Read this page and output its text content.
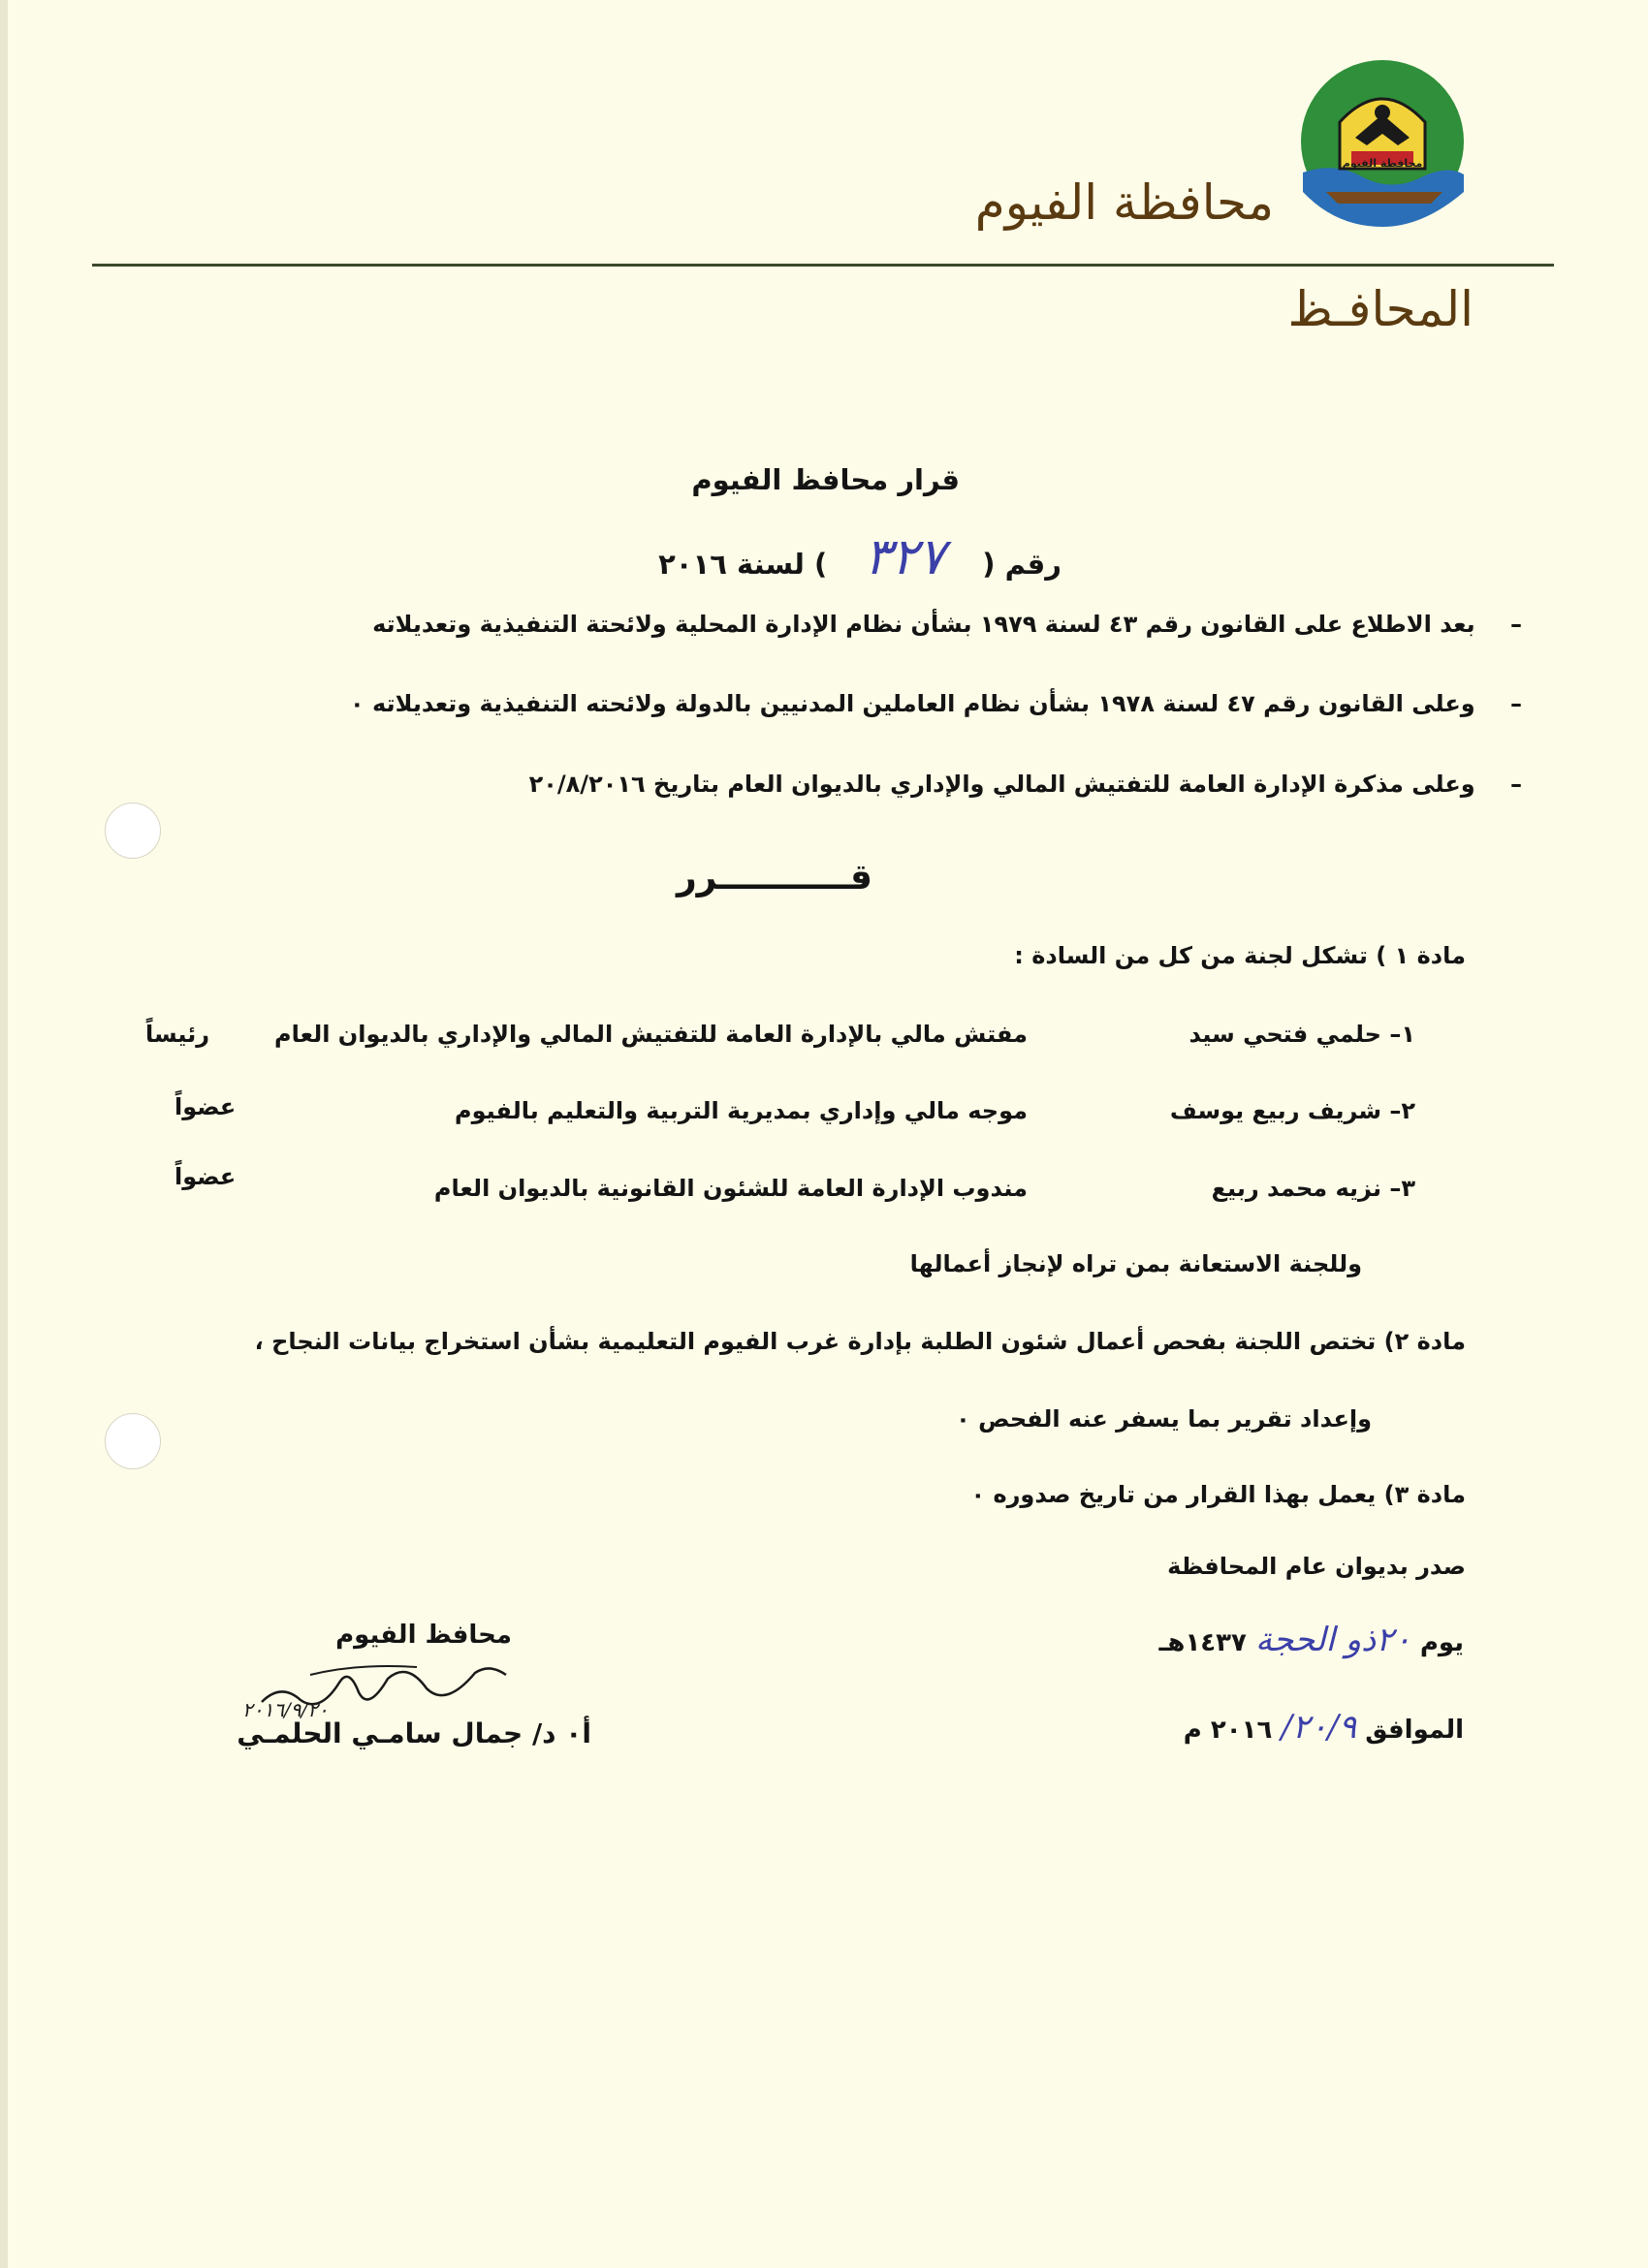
محافظة الفيوم
محافظة الفيوم
المحافـظ
قرار محافظ الفيوم
رقم ( ٣٢٧ ) لسنة ٢٠١٦
– بعد الاطلاع على القانون رقم ٤٣ لسنة ١٩٧٩ بشأن نظام الإدارة المحلية ولائحتة التنفيذية وتعديلاته
– وعلى القانون رقم ٤٧ لسنة ١٩٧٨ بشأن نظام العاملين المدنيين بالدولة ولائحته التنفيذية وتعديلاته ٠
– وعلى مذكرة الإدارة العامة للتفتيش المالي والإداري بالديوان العام بتاريخ ٢٠/٨/٢٠١٦
قـــــــــــرر
مادة ١ ) تشكل لجنة من كل من السادة :
١– حلمي فتحي سيد
مفتش مالي بالإدارة العامة للتفتيش المالي والإداري بالديوان العام
رئيساً
٢– شريف ربيع يوسف
موجه مالي وإداري بمديرية التربية والتعليم بالفيوم
عضواً
٣– نزيه محمد ربيع
مندوب الإدارة العامة للشئون القانونية بالديوان العام
عضواً
وللجنة الاستعانة بمن تراه لإنجاز أعمالها
مادة ٢) تختص اللجنة بفحص أعمال شئون الطلبة بإدارة غرب الفيوم التعليمية بشأن استخراج بيانات النجاح ،
وإعداد تقرير بما يسفر عنه الفحص ٠
مادة ٣) يعمل بهذا القرار من تاريخ صدوره ٠
صدر بديوان عام المحافظة
يوم ٢٠ذو الحجة ١٤٣٧هـ
الموافق ٢٠/٩/ ٢٠١٦ م
محافظ الفيوم
٢٠١٦/٩/٢٠
أ٠ د/ جمال سامـي الحلمـي
